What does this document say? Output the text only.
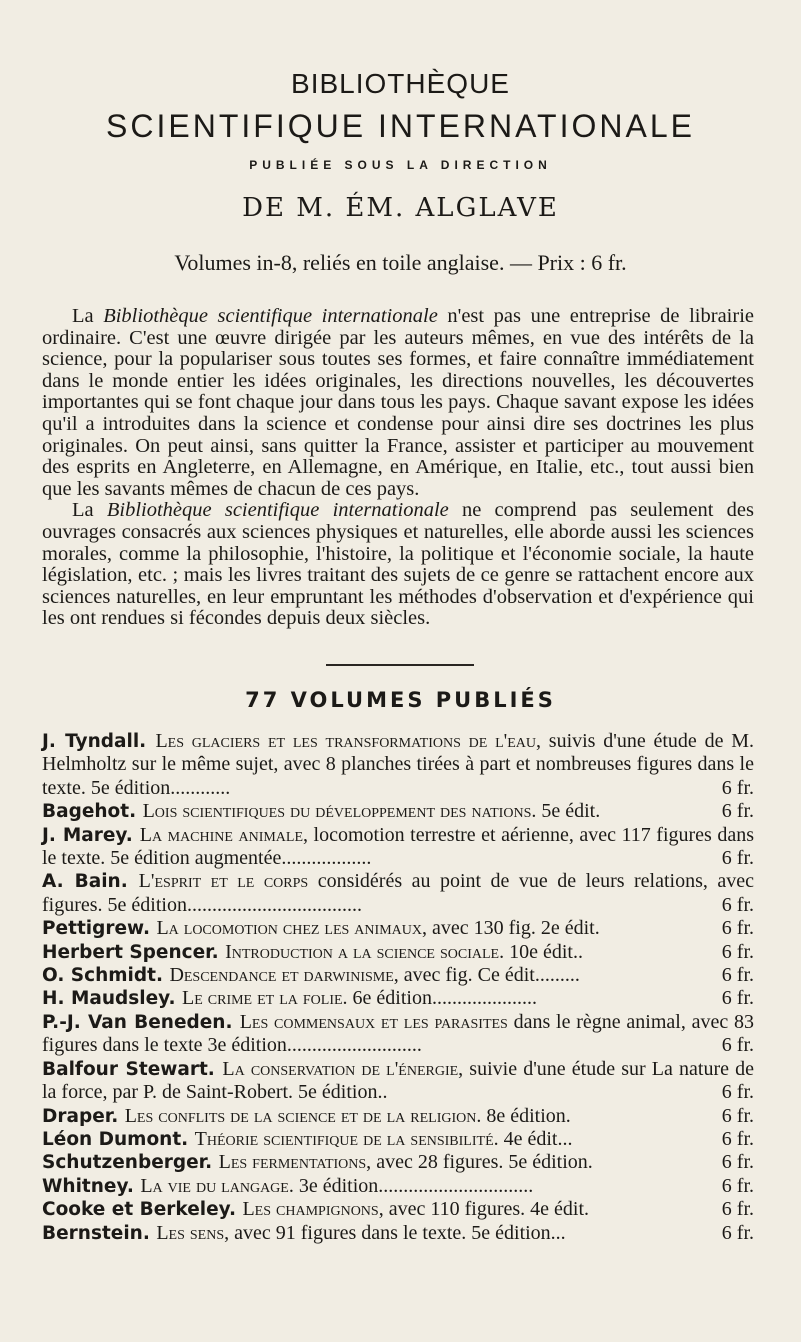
BIBLIOTHÈQUE
SCIENTIFIQUE INTERNATIONALE
PUBLIÉE SOUS LA DIRECTION
DE M. ÉM. ALGLAVE
Volumes in-8, reliés en toile anglaise. — Prix : 6 fr.

La Bibliothèque scientifique internationale n'est pas une entreprise de librairie ordinaire. C'est une œuvre dirigée par les auteurs mêmes, en vue des intérêts de la science, pour la populariser sous toutes ses formes, et faire connaître immédiatement dans le monde entier les idées originales, les directions nouvelles, les découvertes importantes qui se font chaque jour dans tous les pays. Chaque savant expose les idées qu'il a introduites dans la science et condense pour ainsi dire ses doctrines les plus originales. On peut ainsi, sans quitter la France, assister et participer au mouvement des esprits en Angleterre, en Allemagne, en Amérique, en Italie, etc., tout aussi bien que les savants mêmes de chacun de ces pays.

La Bibliothèque scientifique internationale ne comprend pas seulement des ouvrages consacrés aux sciences physiques et naturelles, elle aborde aussi les sciences morales, comme la philosophie, l'histoire, la politique et l'économie sociale, la haute législation, etc. ; mais les livres traitant des sujets de ce genre se rattachent encore aux sciences naturelles, en leur empruntant les méthodes d'observation et d'expérience qui les ont rendues si fécondes depuis deux siècles.

77 VOLUMES PUBLIÉS

J. Tyndall. Les glaciers et les transformations de l'eau, suivis d'une étude de M. Helmholtz sur le même sujet, avec 8 planches tirées à part et nombreuses figures dans le texte. 5e édition............	6 fr.

Bagehot. Lois scientifiques du développement des nations. 5e édit.	6 fr.

J. Marey. La machine animale, locomotion terrestre et aérienne, avec 117 figures dans le texte. 5e édition augmentée..................	6 fr.

A. Bain. L'esprit et le corps considérés au point de vue de leurs relations, avec figures. 5e édition...................................	6 fr.

Pettigrew. La locomotion chez les animaux, avec 130 fig. 2e édit.	6 fr.

Herbert Spencer. Introduction a la science sociale. 10e édit..	6 fr.

O. Schmidt. Descendance et darwinisme, avec fig. Ce édit.........	6 fr.

H. Maudsley. Le crime et la folie. 6e édition.....................	6 fr.

P.-J. Van Beneden. Les commensaux et les parasites dans le règne animal, avec 83 figures dans le texte 3e édition...........................	6 fr.

Balfour Stewart. La conservation de l'énergie, suivie d'une étude sur La nature de la force, par P. de Saint-Robert. 5e édition..	6 fr.

Draper. Les conflits de la science et de la religion. 8e édition.	6 fr.

Léon Dumont. Théorie scientifique de la sensibilité. 4e édit...	6 fr.

Schutzenberger. Les fermentations, avec 28 figures. 5e édition.	6 fr.

Whitney. La vie du langage. 3e édition...............................	6 fr.

Cooke et Berkeley. Les champignons, avec 110 figures. 4e édit.	6 fr.

Bernstein. Les sens, avec 91 figures dans le texte. 5e édition...	6 fr.
